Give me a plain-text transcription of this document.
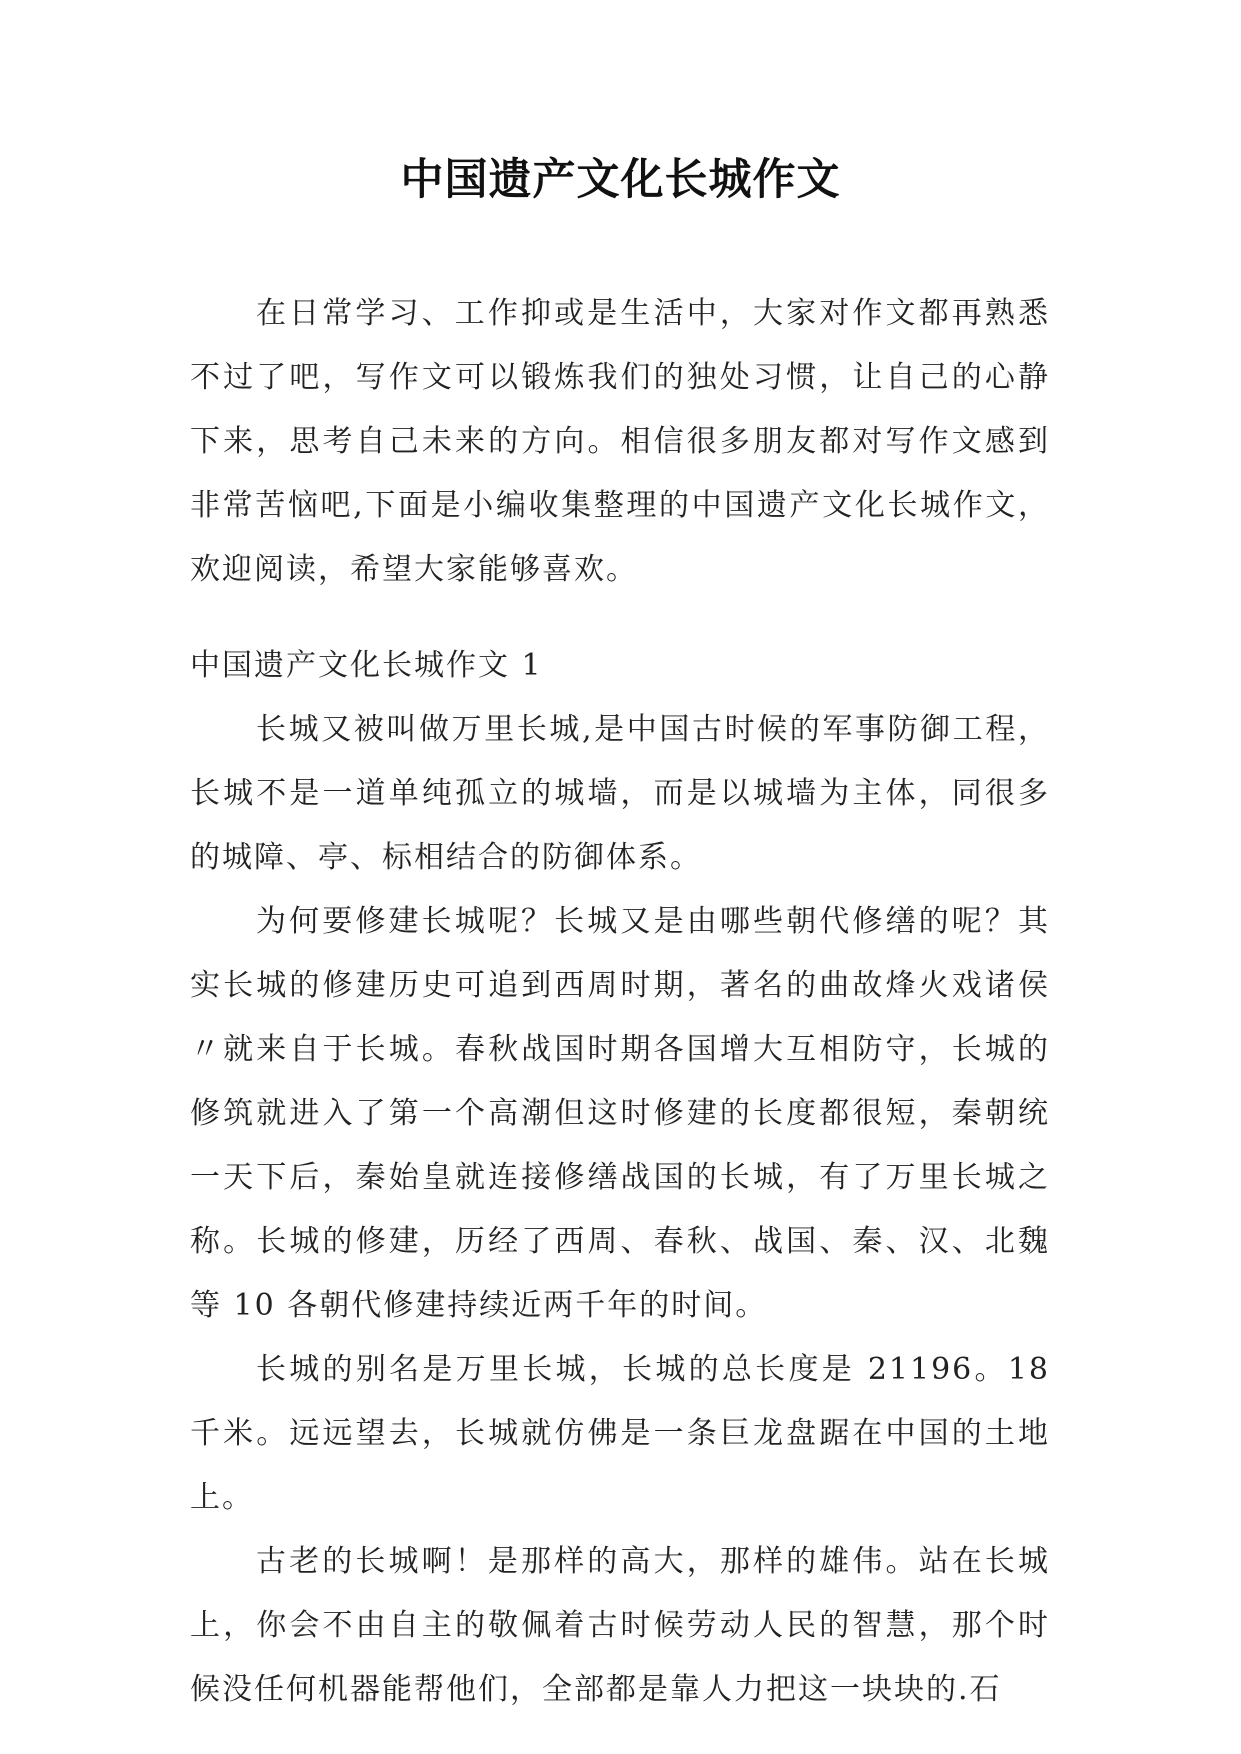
中国遗产文化长城作文

在日常学习、工作抑或是生活中，大家对作文都再熟悉不过了吧，写作文可以锻炼我们的独处习惯，让自己的心静下来，思考自己未来的方向。相信很多朋友都对写作文感到非常苦恼吧,下面是小编收集整理的中国遗产文化长城作文，欢迎阅读，希望大家能够喜欢。

中国遗产文化长城作文 1

长城又被叫做万里长城,是中国古时候的军事防御工程，长城不是一道单纯孤立的城墙，而是以城墙为主体，同很多的城障、亭、标相结合的防御体系。

为何要修建长城呢？长城又是由哪些朝代修缮的呢？其实长城的修建历史可追到西周时期，著名的曲故烽火戏诸侯〃就来自于长城。春秋战国时期各国增大互相防守，长城的修筑就进入了第一个高潮但这时修建的长度都很短，秦朝统一天下后，秦始皇就连接修缮战国的长城，有了万里长城之称。长城的修建，历经了西周、春秋、战国、秦、汉、北魏等 10 各朝代修建持续近两千年的时间。

长城的别名是万里长城，长城的总长度是 21196。18 千米。远远望去，长城就仿佛是一条巨龙盘踞在中国的土地上。

古老的长城啊！是那样的高大，那样的雄伟。站在长城上，你会不由自主的敬佩着古时候劳动人民的智慧，那个时候没任何机器能帮他们，全部都是靠人力把这一块块的.石
